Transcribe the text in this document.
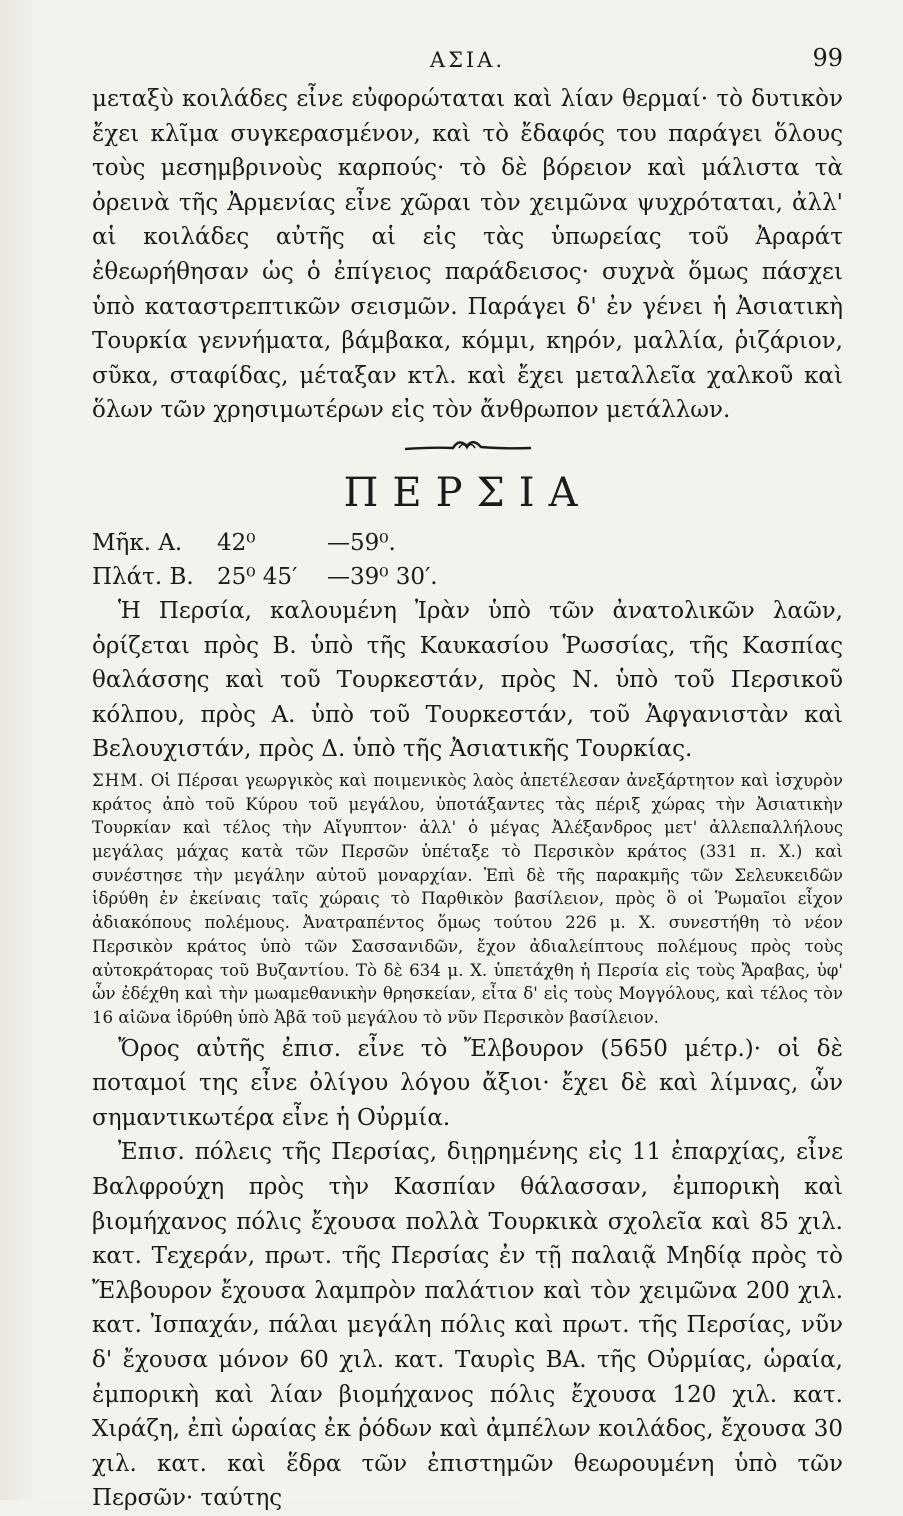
ΑΣΙΑ.	99

μεταξὺ κοιλάδες εἶνε εὐφορώταται καὶ λίαν θερμαί· τὸ δυτικὸν ἔχει κλῖμα συγκερασμένον, καὶ τὸ ἔδαφός του παράγει ὅλους τοὺς μεσημβρινοὺς καρπούς· τὸ δὲ βόρειον καὶ μάλιστα τὰ ὀρεινὰ τῆς Ἀρμενίας εἶνε χῶραι τὸν χειμῶνα ψυχρόταται, ἀλλ' αἱ κοιλάδες αὐτῆς αἱ εἰς τὰς ὑπωρείας τοῦ Ἀραράτ ἐθεωρήθησαν ὡς ὁ ἐπίγειος παράδεισος· συχνὰ ὅμως πάσχει ὑπὸ καταστρεπτικῶν σεισμῶν. Παράγει δ' ἐν γένει ἡ Ἀσιατικὴ Τουρκία γεννήματα, βάμβακα, κόμμι, κηρόν, μαλλία, ῥιζάριον, σῦκα, σταφίδας, μέταξαν κτλ. καὶ ἔχει μεταλλεῖα χαλκοῦ καὶ ὅλων τῶν χρησιμωτέρων εἰς τὸν ἄνθρωπον μετάλλων.

ΠΕΡΣΙΑ
Μῆκ. Α.	42⁰	—59⁰.
Πλάτ. Β.	25⁰ 45′	—39⁰ 30′.

Ἡ Περσία, καλουμένη Ἰρὰν ὑπὸ τῶν ἀνατολικῶν λαῶν, ὁρίζεται πρὸς Β. ὑπὸ τῆς Καυκασίου Ῥωσσίας, τῆς Κασπίας θαλάσσης καὶ τοῦ Τουρκεστάν, πρὸς Ν. ὑπὸ τοῦ Περσικοῦ κόλπου, πρὸς Α. ὑπὸ τοῦ Τουρκεστάν, τοῦ Ἀφγανιστὰν καὶ Βελουχιστάν, πρὸς Δ. ὑπὸ τῆς Ἀσιατικῆς Τουρκίας.

ΣΗΜ. Οἱ Πέρσαι γεωργικὸς καὶ ποιμενικὸς λαὸς ἀπετέλεσαν ἀνεξάρτητον καὶ ἰσχυρὸν κράτος ἀπὸ τοῦ Κύρου τοῦ μεγάλου, ὑποτάξαντες τὰς πέριξ χώρας τὴν Ἀσιατικὴν Τουρκίαν καὶ τέλος τὴν Αἴγυπτον· ἀλλ' ὁ μέγας Ἀλέξανδρος μετ' ἀλλεπαλλήλους μεγάλας μάχας κατὰ τῶν Περσῶν ὑπέταξε τὸ Περσικὸν κράτος (331 π. Χ.) καὶ συνέστησε τὴν μεγάλην αὐτοῦ μοναρχίαν. Ἐπὶ δὲ τῆς παρακμῆς τῶν Σελευκειδῶν ἱδρύθη ἐν ἐκείναις ταῖς χώραις τὸ Παρθικὸν βασίλειον, πρὸς ὃ οἱ Ῥωμαῖοι εἶχον ἀδιακόπους πολέμους. Ἀνατραπέντος ὅμως τούτου 226 μ. Χ. συνεστήθη τὸ νέον Περσικὸν κράτος ὑπὸ τῶν Σασσανιδῶν, ἔχον ἀδιαλείπτους πολέμους πρὸς τοὺς αὐτοκράτορας τοῦ Βυζαντίου. Τὸ δὲ 634 μ. Χ. ὑπετάχθη ἡ Περσία εἰς τοὺς Ἄραβας, ὑφ' ὧν ἐδέχθη καὶ τὴν μωαμεθανικὴν θρησκείαν, εἶτα δ' εἰς τοὺς Μογγόλους, καὶ τέλος τὸν 16 αἰῶνα ἱδρύθη ὑπὸ Ἀβᾶ τοῦ μεγάλου τὸ νῦν Περσικὸν βασίλειον.

Ὄρος αὐτῆς ἐπισ. εἶνε τὸ Ἔλβουρον (5650 μέτρ.)· οἱ δὲ ποταμοί της εἶνε ὀλίγου λόγου ἄξιοι· ἔχει δὲ καὶ λίμνας, ὧν σημαντικωτέρα εἶνε ἡ Οὐρμία.

Ἐπισ. πόλεις τῆς Περσίας, διῃρημένης εἰς 11 ἐπαρχίας, εἶνε Βαλφρούχη πρὸς τὴν Κασπίαν θάλασσαν, ἐμπορικὴ καὶ βιομήχανος πόλις ἔχουσα πολλὰ Τουρκικὰ σχολεῖα καὶ 85 χιλ. κατ. Τεχεράν, πρωτ. τῆς Περσίας ἐν τῇ παλαιᾷ Μηδίᾳ πρὸς τὸ Ἔλβουρον ἔχουσα λαμπρὸν παλάτιον καὶ τὸν χειμῶνα 200 χιλ. κατ. Ἰσπαχάν, πάλαι μεγάλη πόλις καὶ πρωτ. τῆς Περσίας, νῦν δ' ἔχουσα μόνον 60 χιλ. κατ. Ταυρὶς ΒΑ. τῆς Οὐρμίας, ὡραία, ἐμπορικὴ καὶ λίαν βιομήχανος πόλις ἔχουσα 120 χιλ. κατ. Χιράζη, ἐπὶ ὡραίας ἐκ ῥόδων καὶ ἀμπέλων κοιλάδος, ἔχουσα 30 χιλ. κατ. καὶ ἕδρα τῶν ἐπιστημῶν θεωρουμένη ὑπὸ τῶν Περσῶν· ταύτης
